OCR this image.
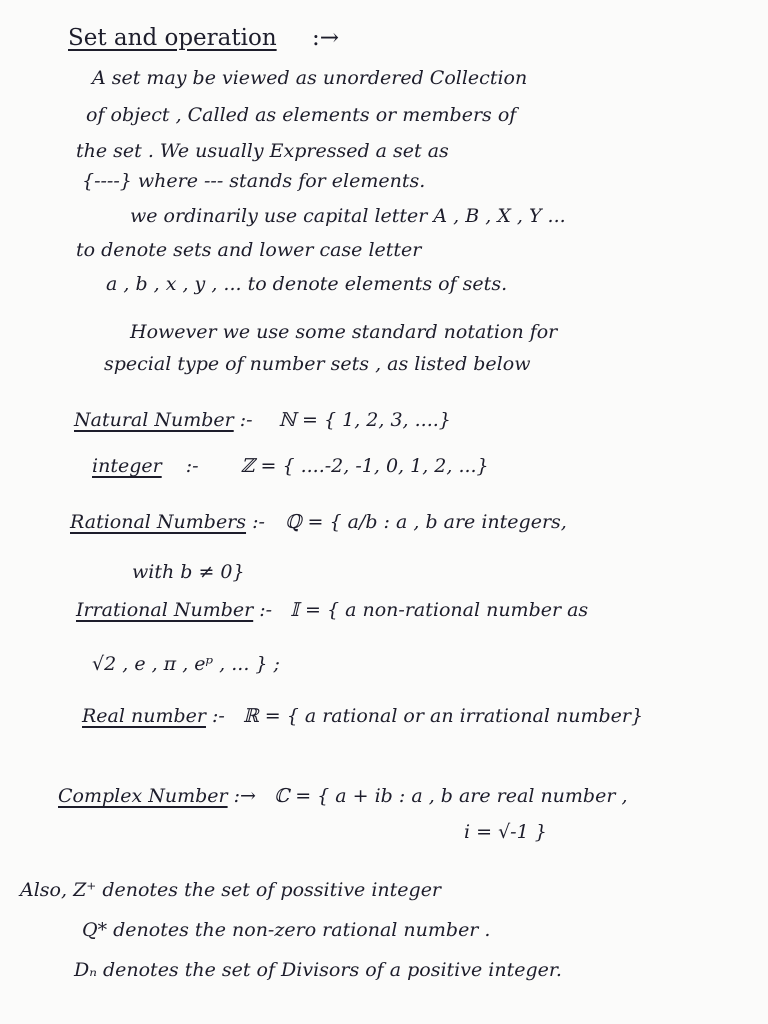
Set and operation :→
A set may be viewed as unordered Collection
of object , Called as elements or members of
the set . We usually Expressed a set as
{----} where --- stands for elements.
we ordinarily use capital letter A , B , X , Y ...
to denote sets and lower case letter
a , b , x , y , ... to denote elements of sets.
However we use some standard notation for
special type of number sets , as listed below
Natural Number :- ℕ = { 1, 2, 3, ....}
integer :- ℤ = { ....-2, -1, 0, 1, 2, ...}
Rational Numbers :- ℚ = { a/b : a , b are integers,
with b ≠ 0}
Irrational Number :- 𝕀 = { a non-rational number as
√2 , e , π , eᵖ , ... } ;
Real number :- ℝ = { a rational or an irrational number}
Complex Number :→ ℂ = { a + ib : a , b are real number ,
i = √-1 }
Also, Z⁺ denotes the set of possitive integer
Q* denotes the non-zero rational number .
Dₙ denotes the set of Divisors of a positive integer.
